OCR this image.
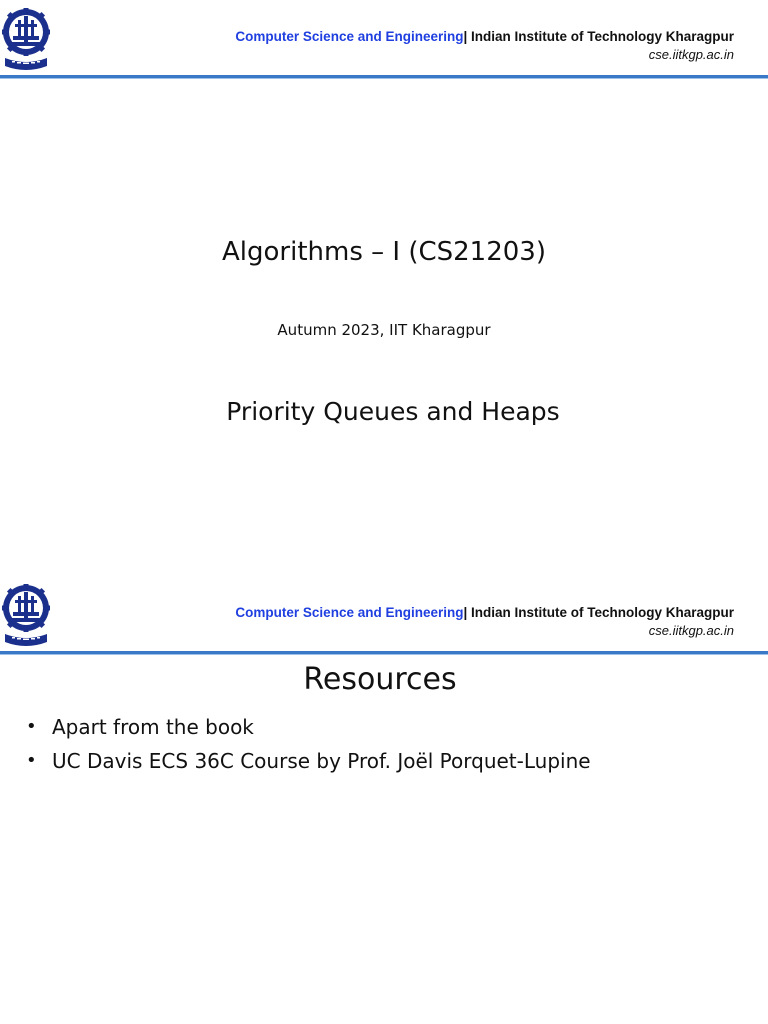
Computer Science and Engineering| Indian Institute of Technology Kharagpur
cse.iitkgp.ac.in
Algorithms – I (CS21203)
Autumn 2023, IIT Kharagpur
Priority Queues and Heaps
Computer Science and Engineering| Indian Institute of Technology Kharagpur
cse.iitkgp.ac.in
Resources
• Apart from the book
• UC Davis ECS 36C Course by Prof. Joël Porquet-Lupine
